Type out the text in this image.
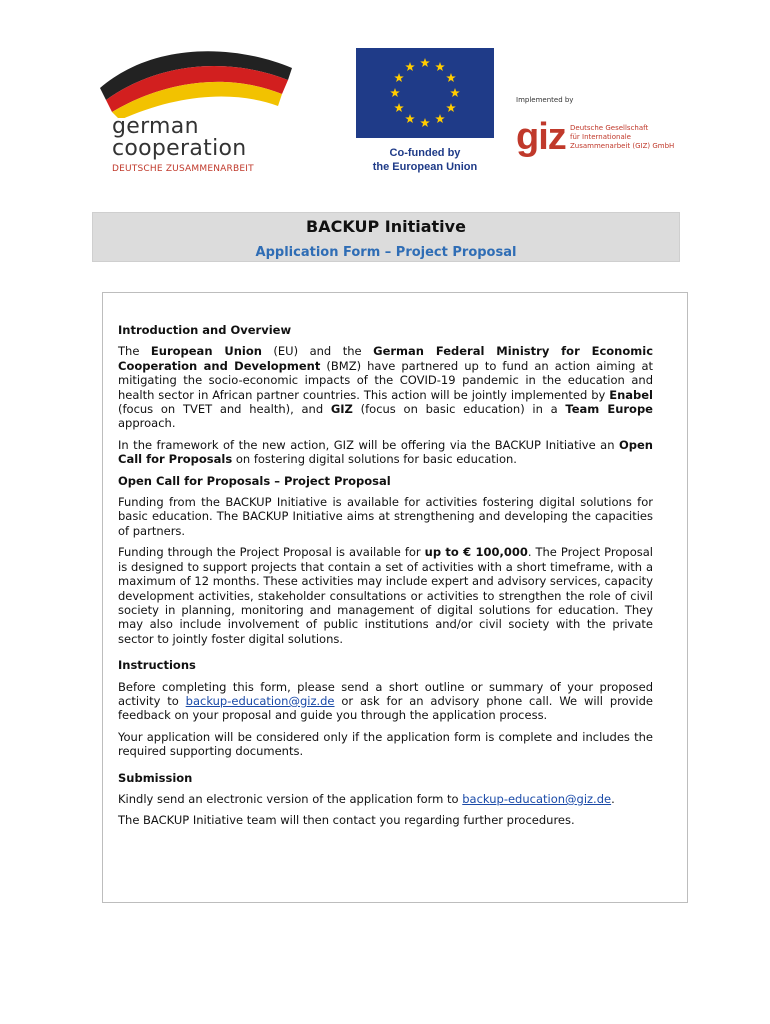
german
cooperation
DEUTSCHE ZUSAMMENARBEIT
Co-funded by
the European Union
Implemented by
giz Deutsche Gesellschaft
für Internationale
Zusammenarbeit (GIZ) GmbH
BACKUP Initiative
Application Form – Project Proposal
Introduction and Overview

The European Union (EU) and the German Federal Ministry for Economic Cooperation and Development (BMZ) have partnered up to fund an action aiming at mitigating the socio-economic impacts of the COVID-19 pandemic in the education and health sector in African partner countries. This action will be jointly implemented by Enabel (focus on TVET and health), and GIZ (focus on basic education) in a Team Europe approach.

In the framework of the new action, GIZ will be offering via the BACKUP Initiative an Open Call for Proposals on fostering digital solutions for basic education.

Open Call for Proposals – Project Proposal

Funding from the BACKUP Initiative is available for activities fostering digital solutions for basic education. The BACKUP Initiative aims at strengthening and developing the capacities of partners.

Funding through the Project Proposal is available for up to € 100,000. The Project Proposal is designed to support projects that contain a set of activities with a short timeframe, with a maximum of 12 months. These activities may include expert and advisory services, capacity development activities, stakeholder consultations or activities to strengthen the role of civil society in planning, monitoring and management of digital solutions for education. They may also include involvement of public institutions and/or civil society with the private sector to jointly foster digital solutions.

Instructions

Before completing this form, please send a short outline or summary of your proposed activity to backup-education@giz.de or ask for an advisory phone call. We will provide feedback on your proposal and guide you through the application process.

Your application will be considered only if the application form is complete and includes the required supporting documents.

Submission

Kindly send an electronic version of the application form to backup-education@giz.de.

The BACKUP Initiative team will then contact you regarding further procedures.
